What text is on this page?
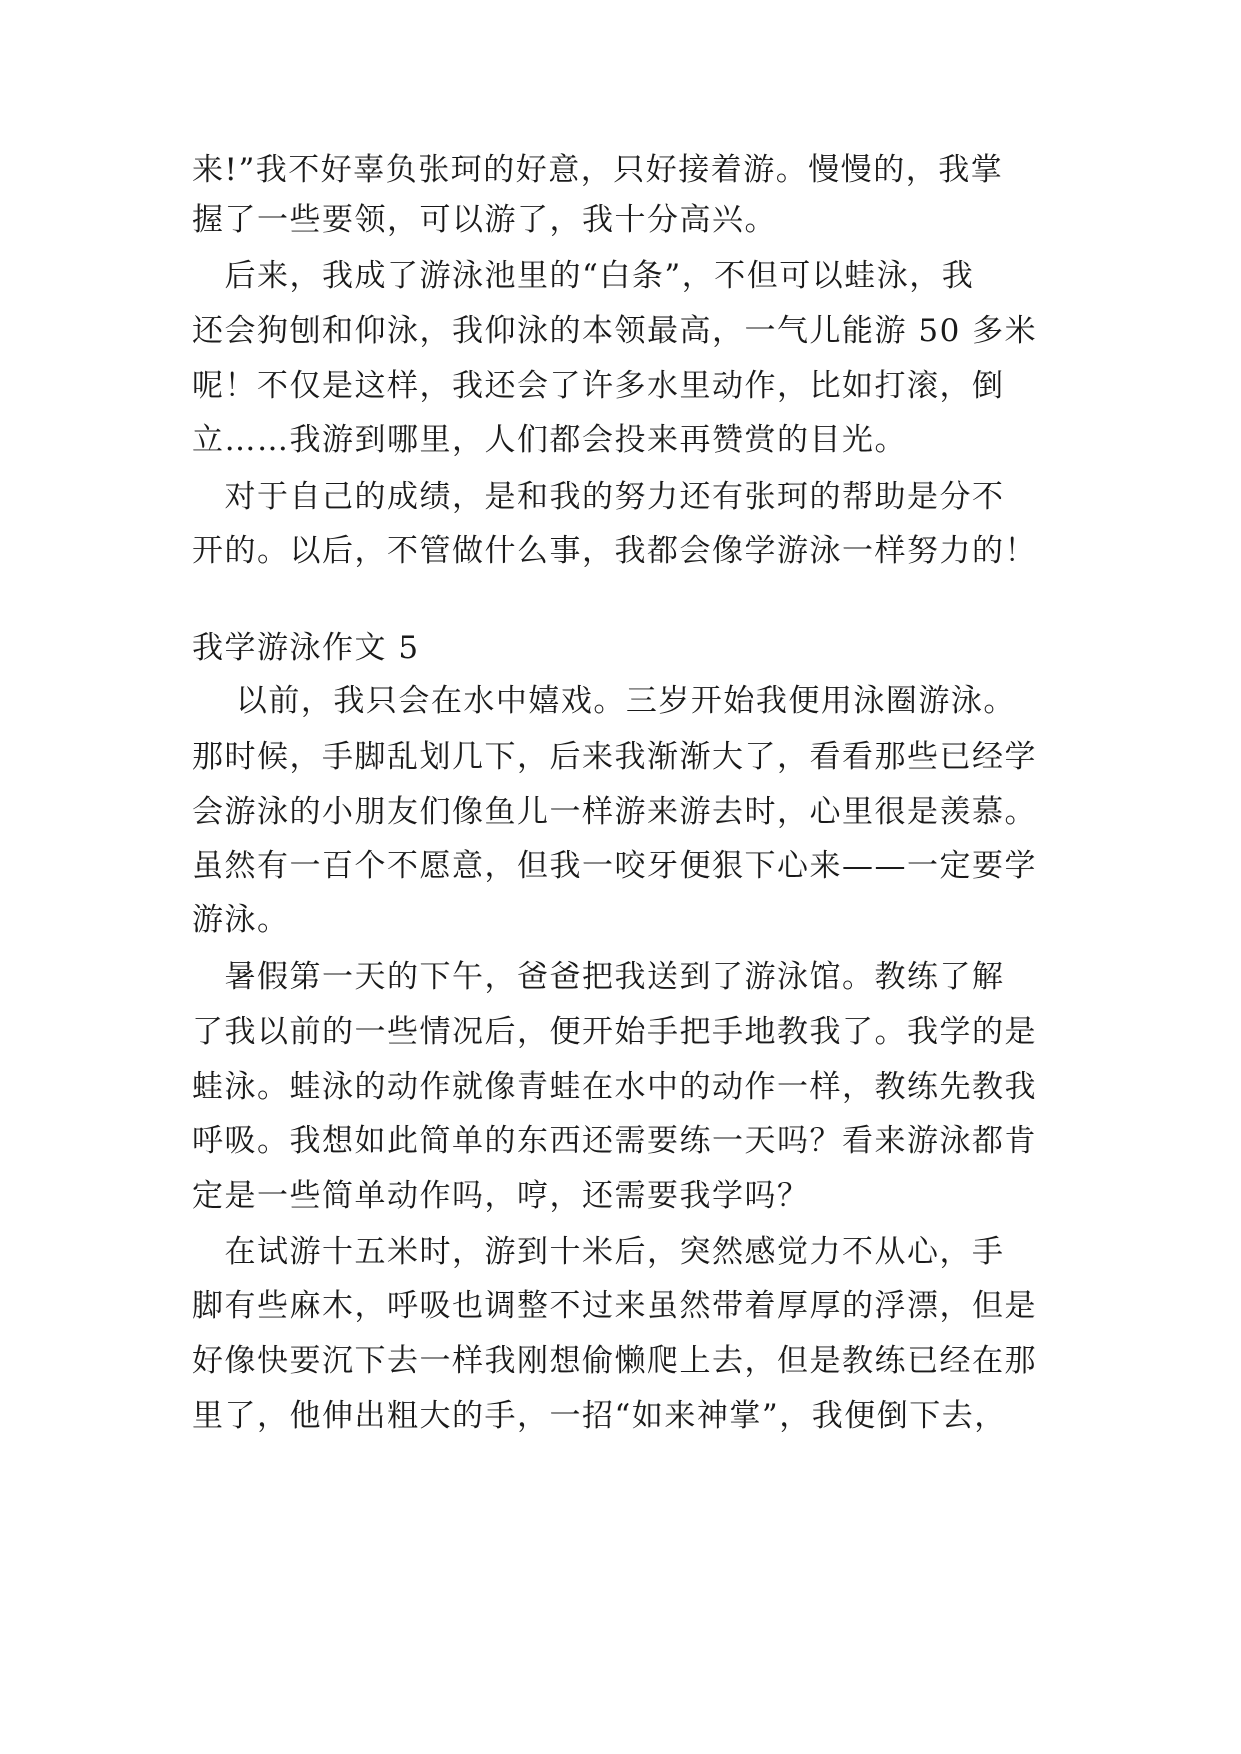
来!”我不好辜负张珂的好意，只好接着游。慢慢的，我掌
握了一些要领，可以游了，我十分高兴。
　后来，我成了游泳池里的“白条”，不但可以蛙泳，我
还会狗刨和仰泳，我仰泳的本领最高，一气儿能游 50 多米
呢！不仅是这样，我还会了许多水里动作，比如打滚，倒
立……我游到哪里，人们都会投来再赞赏的目光。
　对于自己的成绩，是和我的努力还有张珂的帮助是分不
开的。以后，不管做什么事，我都会像学游泳一样努力的！
我学游泳作文 5
　 以前，我只会在水中嬉戏。三岁开始我便用泳圈游泳。
那时候，手脚乱划几下，后来我渐渐大了，看看那些已经学
会游泳的小朋友们像鱼儿一样游来游去时，心里很是羡慕。
虽然有一百个不愿意，但我一咬牙便狠下心来——一定要学
游泳。
　暑假第一天的下午，爸爸把我送到了游泳馆。教练了解
了我以前的一些情况后，便开始手把手地教我了。我学的是
蛙泳。蛙泳的动作就像青蛙在水中的动作一样，教练先教我
呼吸。我想如此简单的东西还需要练一天吗？看来游泳都肯
定是一些简单动作吗，哼，还需要我学吗？
　在试游十五米时，游到十米后，突然感觉力不从心，手
脚有些麻木，呼吸也调整不过来虽然带着厚厚的浮漂，但是
好像快要沉下去一样我刚想偷懒爬上去，但是教练已经在那
里了，他伸出粗大的手，一招“如来神掌”，我便倒下去，
